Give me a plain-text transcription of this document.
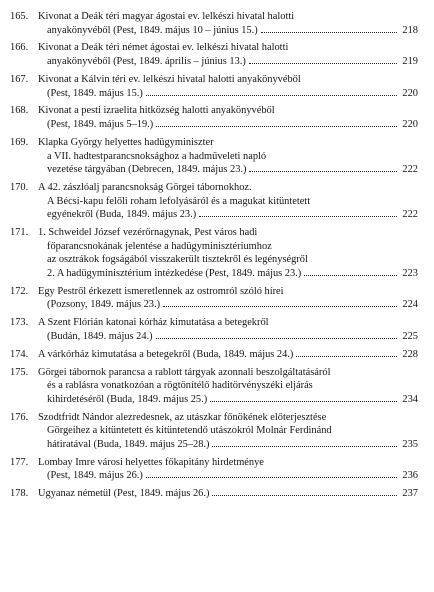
165. Kivonat a Deák téri magyar ágostai ev. lelkészi hivatal halotti
anyakönyvéből (Pest, 1849. május 10 – június 15.)	218
166. Kivonat a Deák téri német ágostai ev. lelkészi hivatal halotti
anyakönyvéből (Pest, 1849. április – június 13.)	219
167. Kivonat a Kálvin téri ev. lelkészi hivatal halotti anyakönyvéből
(Pest, 1849. május 15.)	220
168. Kivonat a pesti izraelita hitközség halotti anyakönyvéből
(Pest, 1849. május 5–19.)	220
169. Klapka György helyettes hadügyminiszter
a VII. hadtestparancsnoksághoz a hadműveleti napló
vezetése tárgyában (Debrecen, 1849. május 23.)	222
170. A 42. zászlóalj parancsnokság Görgei tábornokhoz.
A Bécsi-kapu felőli roham lefolyásáról és a magukat kitüntetett
egyénekről (Buda, 1849. május 23.)	222
171. 1. Schweidel József vezérőrnagynak, Pest város hadi
főparancsnokának jelentése a hadügyminisztériumhoz
az osztrákok fogságából visszakerült tisztekről és legénységről
2. A hadügyminisztérium intézkedése (Pest, 1849. május 23.)	223
172. Egy Pestről érkezett ismeretlennek az ostromról szóló hírei
(Pozsony, 1849. május 23.)	224
173. A Szent Flórián katonai kórház kimutatása a betegekről
(Budán, 1849. május 24.)	225
174. A várkórház kimutatása a betegekről (Buda, 1849. május 24.)	228
175. Görgei tábornok parancsa a rablott tárgyak azonnali beszolgáltatásáról
és a rablásra vonatkozóan a rögtönítélő haditörvényszéki eljárás
kihirdetéséről (Buda, 1849. május 25.)	234
176. Szodtfridt Nándor alezredesnek, az utászkar főnökének előterjesztése
Görgeihez a kitüntetett és kitüntetendő utászokról Molnár Ferdinánd
hátiratával (Buda, 1849. május 25–28.)	235
177. Lombay Imre városi helyettes főkapitány hirdetménye
(Pest, 1849. május 26.)	236
178. Ugyanaz németül (Pest, 1849. május 26.)	237
